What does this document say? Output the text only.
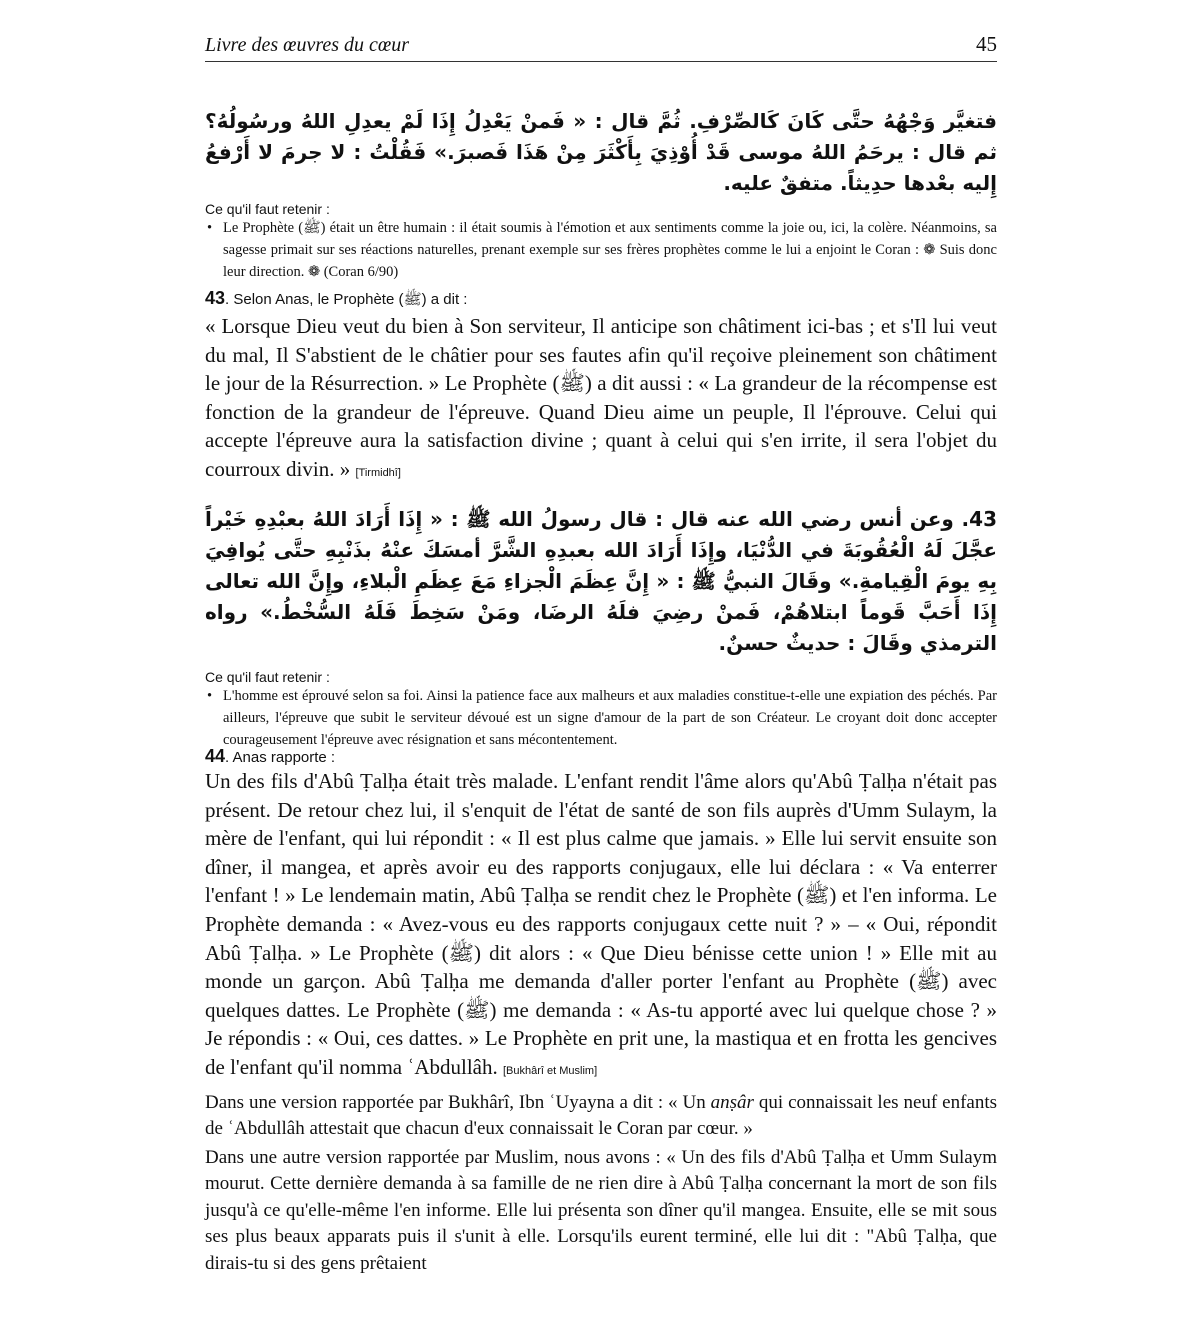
Livre des œuvres du cœur	45
فتغيَّر وَجْهُهُ حتَّى كَانَ كَالصِّرْفِ. ثُمَّ قال : « فَمنْ يَعْدِلُ إِذَا لَمْ يعدِلِ اللهُ ورسُولُهُ؟ ثم قال : يرحَمُ اللهُ موسى قَدْ أُوْذِيَ بِأَكْثَرَ مِنْ هَذَا فَصبرَ.» فَقُلْتُ : لا جرمَ لا أَرْفعُ إِليه بعْدها حدِيثاً. متفقٌ عليه.
Ce qu'il faut retenir :
• Le Prophète (ﷺ) était un être humain : il était soumis à l'émotion et aux sentiments comme la joie ou, ici, la colère. Néanmoins, sa sagesse primait sur ses réactions naturelles, prenant exemple sur ses frères prophètes comme le lui a enjoint le Coran : ❁ Suis donc leur direction. ❁ (Coran 6/90)
43. Selon Anas, le Prophète (ﷺ) a dit :
« Lorsque Dieu veut du bien à Son serviteur, Il anticipe son châtiment ici-bas ; et s'Il lui veut du mal, Il S'abstient de le châtier pour ses fautes afin qu'il reçoive pleinement son châtiment le jour de la Résurrection. » Le Prophète (ﷺ) a dit aussi : « La grandeur de la récompense est fonction de la grandeur de l'épreuve. Quand Dieu aime un peuple, Il l'éprouve. Celui qui accepte l'épreuve aura la satisfaction divine ; quant à celui qui s'en irrite, il sera l'objet du courroux divin. » [Tirmidhî]
43. وعن أنس رضي الله عنه قال : قال رسولُ الله ﷺ : « إِذَا أَرَادَ اللهُ بعبْدِهِ خَيْراً عجَّلَ لَهُ الْعُقُوبَةَ في الدُّنْيَا، وإِذَا أَرَادَ الله بعبدِهِ الشَّرَّ أمسَكَ عنْهُ بذَنْبِهِ حتَّى يُوافِيَ بِهِ يومَ الْقِيامةِ.» وقَالَ النبيُّ ﷺ : « إِنَّ عِظَمَ الْجزاءِ مَعَ عِظَمِ الْبلاءِ، وإِنَّ الله تعالى إِذَا أَحَبَّ قَوماً ابتلاهُمْ، فَمنْ رضِيَ فلَهُ الرضَا، ومَنْ سَخِطَ فَلَهُ السُّخْطُ.» رواه الترمذي وقَالَ : حديثٌ حسنٌ.
Ce qu'il faut retenir :
• L'homme est éprouvé selon sa foi. Ainsi la patience face aux malheurs et aux maladies constitue-t-elle une expiation des péchés. Par ailleurs, l'épreuve que subit le serviteur dévoué est un signe d'amour de la part de son Créateur. Le croyant doit donc accepter courageusement l'épreuve avec résignation et sans mécontentement.
44. Anas rapporte :
Un des fils d'Abû Ṭalḥa était très malade. L'enfant rendit l'âme alors qu'Abû Ṭalḥa n'était pas présent. De retour chez lui, il s'enquit de l'état de santé de son fils auprès d'Umm Sulaym, la mère de l'enfant, qui lui répondit : « Il est plus calme que jamais. » Elle lui servit ensuite son dîner, il mangea, et après avoir eu des rapports conjugaux, elle lui déclara : « Va enterrer l'enfant ! » Le lendemain matin, Abû Ṭalḥa se rendit chez le Prophète (ﷺ) et l'en informa. Le Prophète demanda : « Avez-vous eu des rapports conjugaux cette nuit ? » – « Oui, répondit Abû Ṭalḥa. » Le Prophète (ﷺ) dit alors : « Que Dieu bénisse cette union ! » Elle mit au monde un garçon. Abû Ṭalḥa me demanda d'aller porter l'enfant au Prophète (ﷺ) avec quelques dattes. Le Prophète (ﷺ) me demanda : « As-tu apporté avec lui quelque chose ? » Je répondis : « Oui, ces dattes. » Le Prophète en prit une, la mastiqua et en frotta les gencives de l'enfant qu'il nomma ʿAbdullâh. [Bukhârî et Muslim]
Dans une version rapportée par Bukhârî, Ibn ʿUyayna a dit : « Un anṣâr qui connaissait les neuf enfants de ʿAbdullâh attestait que chacun d'eux connaissait le Coran par cœur. »
Dans une autre version rapportée par Muslim, nous avons : « Un des fils d'Abû Ṭalḥa et Umm Sulaym mourut. Cette dernière demanda à sa famille de ne rien dire à Abû Ṭalḥa concernant la mort de son fils jusqu'à ce qu'elle-même l'en informe. Elle lui présenta son dîner qu'il mangea. Ensuite, elle se mit sous ses plus beaux apparats puis il s'unit à elle. Lorsqu'ils eurent terminé, elle lui dit : "Abû Ṭalḥa, que dirais-tu si des gens prêtaient
